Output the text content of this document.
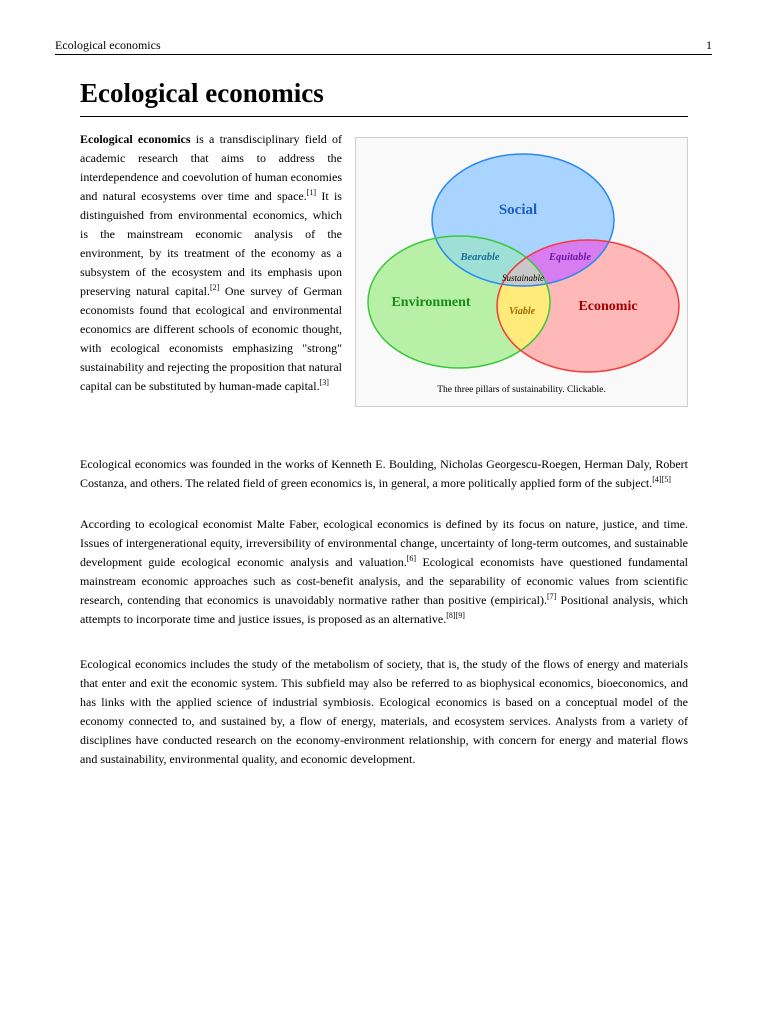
Ecological economics	1
Ecological economics

Ecological economics is a transdisciplinary field of academic research that aims to address the interdependence and coevolution of human economies and natural ecosystems over time and space.[1] It is distinguished from environmental economics, which is the mainstream economic analysis of the environment, by its treatment of the economy as a subsystem of the ecosystem and its emphasis upon preserving natural capital.[2] One survey of German economists found that ecological and environmental economics are different schools of economic thought, with ecological economists emphasizing "strong" sustainability and rejecting the proposition that natural capital can be substituted by human-made capital.[3]

Social
Environment	Economic
Bearable	Equitable
Viable
Sustainable

The three pillars of sustainability. Clickable.

Ecological economics was founded in the works of Kenneth E. Boulding, Nicholas Georgescu-Roegen, Herman Daly, Robert Costanza, and others. The related field of green economics is, in general, a more politically applied form of the subject.[4][5]

According to ecological economist Malte Faber, ecological economics is defined by its focus on nature, justice, and time. Issues of intergenerational equity, irreversibility of environmental change, uncertainty of long-term outcomes, and sustainable development guide ecological economic analysis and valuation.[6] Ecological economists have questioned fundamental mainstream economic approaches such as cost-benefit analysis, and the separability of economic values from scientific research, contending that economics is unavoidably normative rather than positive (empirical).[7] Positional analysis, which attempts to incorporate time and justice issues, is proposed as an alternative.[8][9]

Ecological economics includes the study of the metabolism of society, that is, the study of the flows of energy and materials that enter and exit the economic system. This subfield may also be referred to as biophysical economics, bioeconomics, and has links with the applied science of industrial symbiosis. Ecological economics is based on a conceptual model of the economy connected to, and sustained by, a flow of energy, materials, and ecosystem services. Analysts from a variety of disciplines have conducted research on the economy-environment relationship, with concern for energy and material flows and sustainability, environmental quality, and economic development.
